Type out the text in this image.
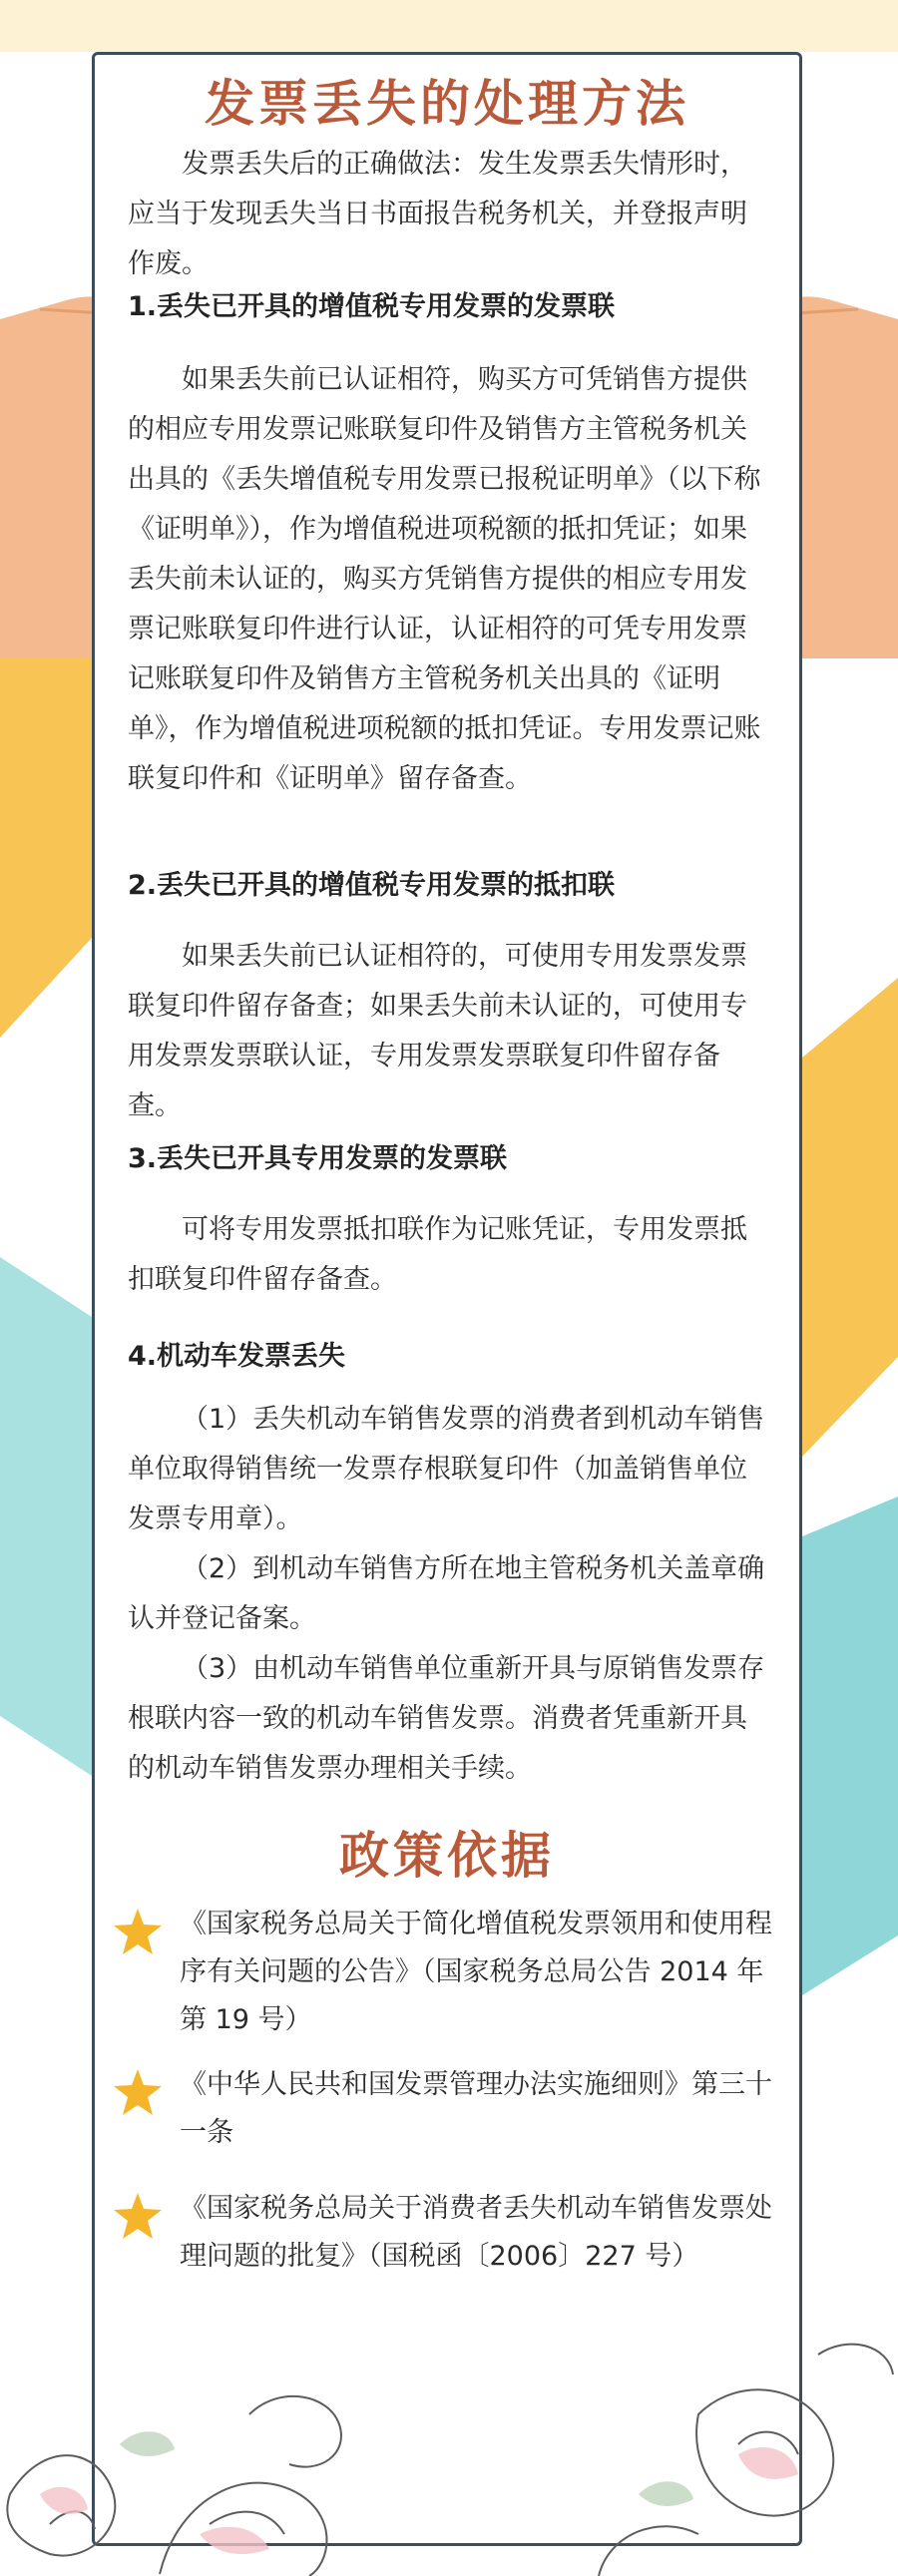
发票丢失的处理方法
发票丢失后的正确做法：发生发票丢失情形时，应当于发现丢失当日书面报告税务机关，并登报声明作废。
1.丢失已开具的增值税专用发票的发票联
如果丢失前已认证相符，购买方可凭销售方提供的相应专用发票记账联复印件及销售方主管税务机关出具的《丢失增值税专用发票已报税证明单》（以下称《证明单》），作为增值税进项税额的抵扣凭证；如果丢失前未认证的，购买方凭销售方提供的相应专用发票记账联复印件进行认证，认证相符的可凭专用发票记账联复印件及销售方主管税务机关出具的《证明单》，作为增值税进项税额的抵扣凭证。专用发票记账联复印件和《证明单》留存备查。
2.丢失已开具的增值税专用发票的抵扣联
如果丢失前已认证相符的，可使用专用发票发票联复印件留存备查；如果丢失前未认证的，可使用专用发票发票联认证，专用发票发票联复印件留存备查。
3.丢失已开具专用发票的发票联
可将专用发票抵扣联作为记账凭证，专用发票抵扣联复印件留存备查。
4.机动车发票丢失
（1）丢失机动车销售发票的消费者到机动车销售单位取得销售统一发票存根联复印件（加盖销售单位发票专用章）。
（2）到机动车销售方所在地主管税务机关盖章确认并登记备案。
（3）由机动车销售单位重新开具与原销售发票存根联内容一致的机动车销售发票。消费者凭重新开具的机动车销售发票办理相关手续。
政策依据
《国家税务总局关于简化增值税发票领用和使用程序有关问题的公告》（国家税务总局公告 2014 年第 19 号）
《中华人民共和国发票管理办法实施细则》第三十一条
《国家税务总局关于消费者丢失机动车销售发票处理问题的批复》（国税函〔2006〕227 号）
